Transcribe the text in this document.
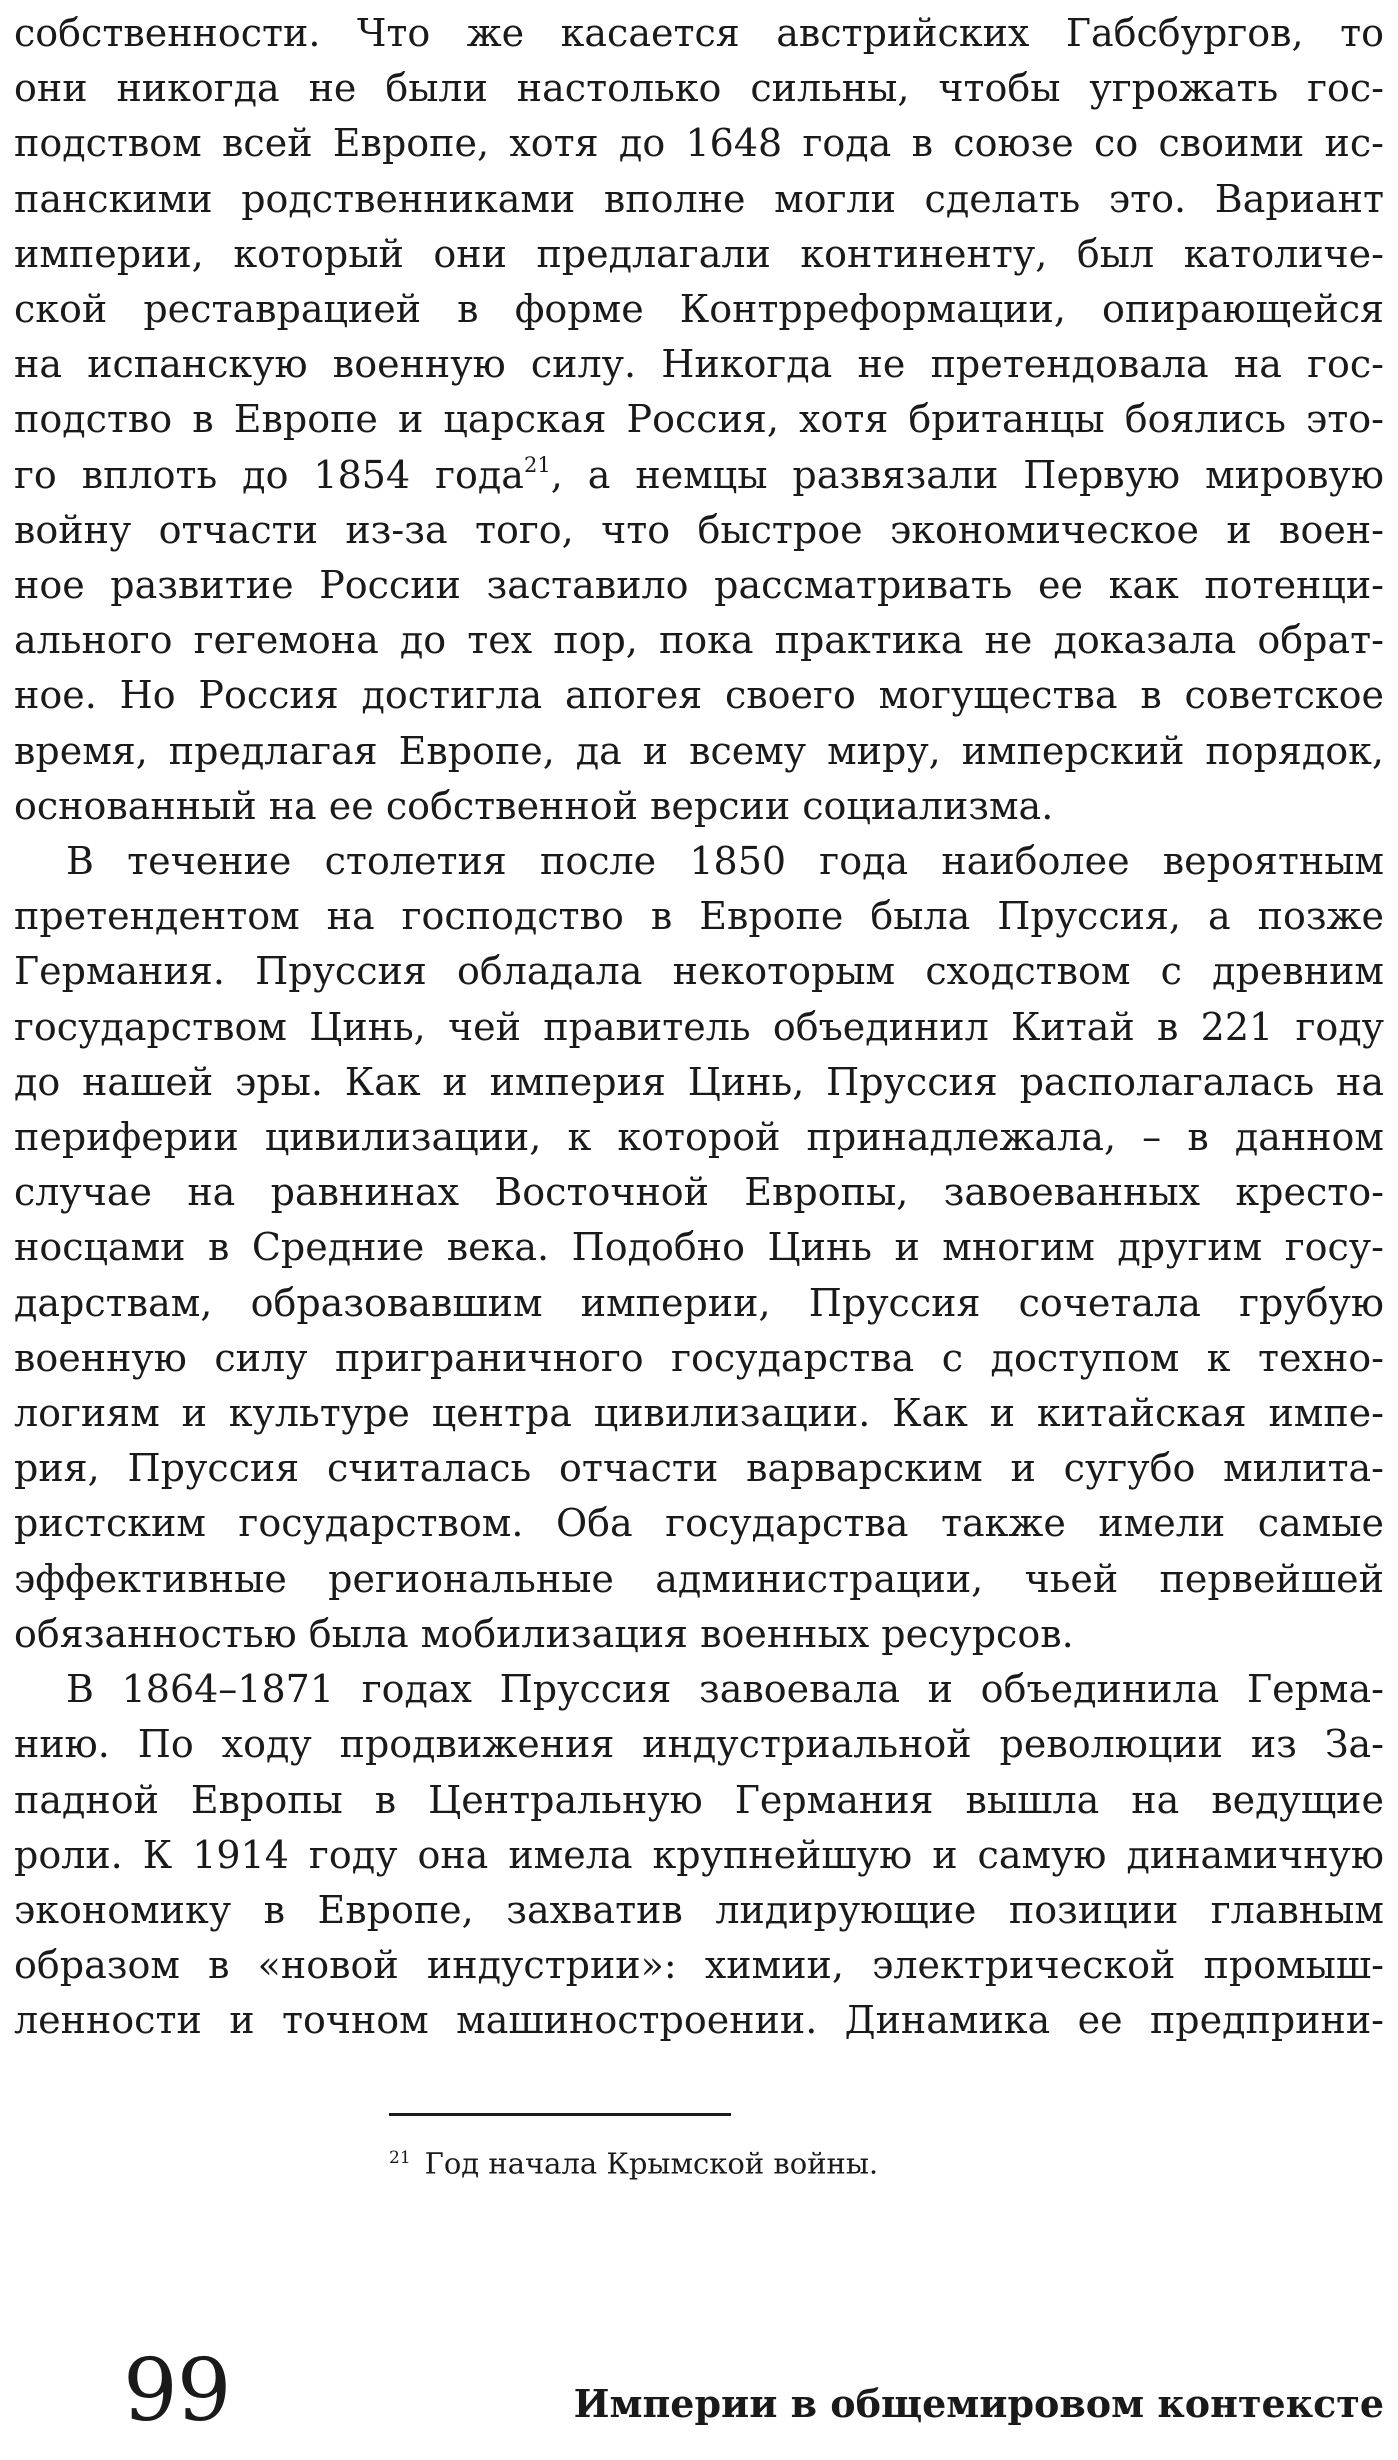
собственности. Что же касается австрийских Габсбургов, то
они никогда не были настолько сильны, чтобы угрожать гос-
подством всей Европе, хотя до 1648 года в союзе со своими ис-
панскими родственниками вполне могли сделать это. Вариант
империи, который они предлагали континенту, был католиче-
ской реставрацией в форме Контрреформации, опирающейся
на испанскую военную силу. Никогда не претендовала на гос-
подство в Европе и царская Россия, хотя британцы боялись это-
го вплоть до 1854 года$^{21}$, а немцы развязали Первую мировую
войну отчасти из-за того, что быстрое экономическое и воен-
ное развитие России заставило рассматривать ее как потенци-
ального гегемона до тех пор, пока практика не доказала обрат-
ное. Но Россия достигла апогея своего могущества в советское
время, предлагая Европе, да и всему миру, имперский порядок,
основанный на ее собственной версии социализма.

В течение столетия после 1850 года наиболее вероятным
претендентом на господство в Европе была Пруссия, а позже
Германия. Пруссия обладала некоторым сходством с древним
государством Цинь, чей правитель объединил Китай в 221 году
до нашей эры. Как и империя Цинь, Пруссия располагалась на
периферии цивилизации, к которой принадлежала, – в данном
случае на равнинах Восточной Европы, завоеванных кресто-
носцами в Средние века. Подобно Цинь и многим другим госу-
дарствам, образовавшим империи, Пруссия сочетала грубую
военную силу приграничного государства с доступом к техно-
логиям и культуре центра цивилизации. Как и китайская импе-
рия, Пруссия считалась отчасти варварским и сугубо милита-
ристским государством. Оба государства также имели самые
эффективные региональные администрации, чьей первейшей
обязанностью была мобилизация военных ресурсов.

В 1864–1871 годах Пруссия завоевала и объединила Герма-
нию. По ходу продвижения индустриальной революции из За-
падной Европы в Центральную Германия вышла на ведущие
роли. К 1914 году она имела крупнейшую и самую динамичную
экономику в Европе, захватив лидирующие позиции главным
образом в «новой индустрии»: химии, электрической промыш-
ленности и точном машиностроении. Динамика ее предприни-

$^{21}$ Год начала Крымской войны.
99	Империи в общемировом контексте
